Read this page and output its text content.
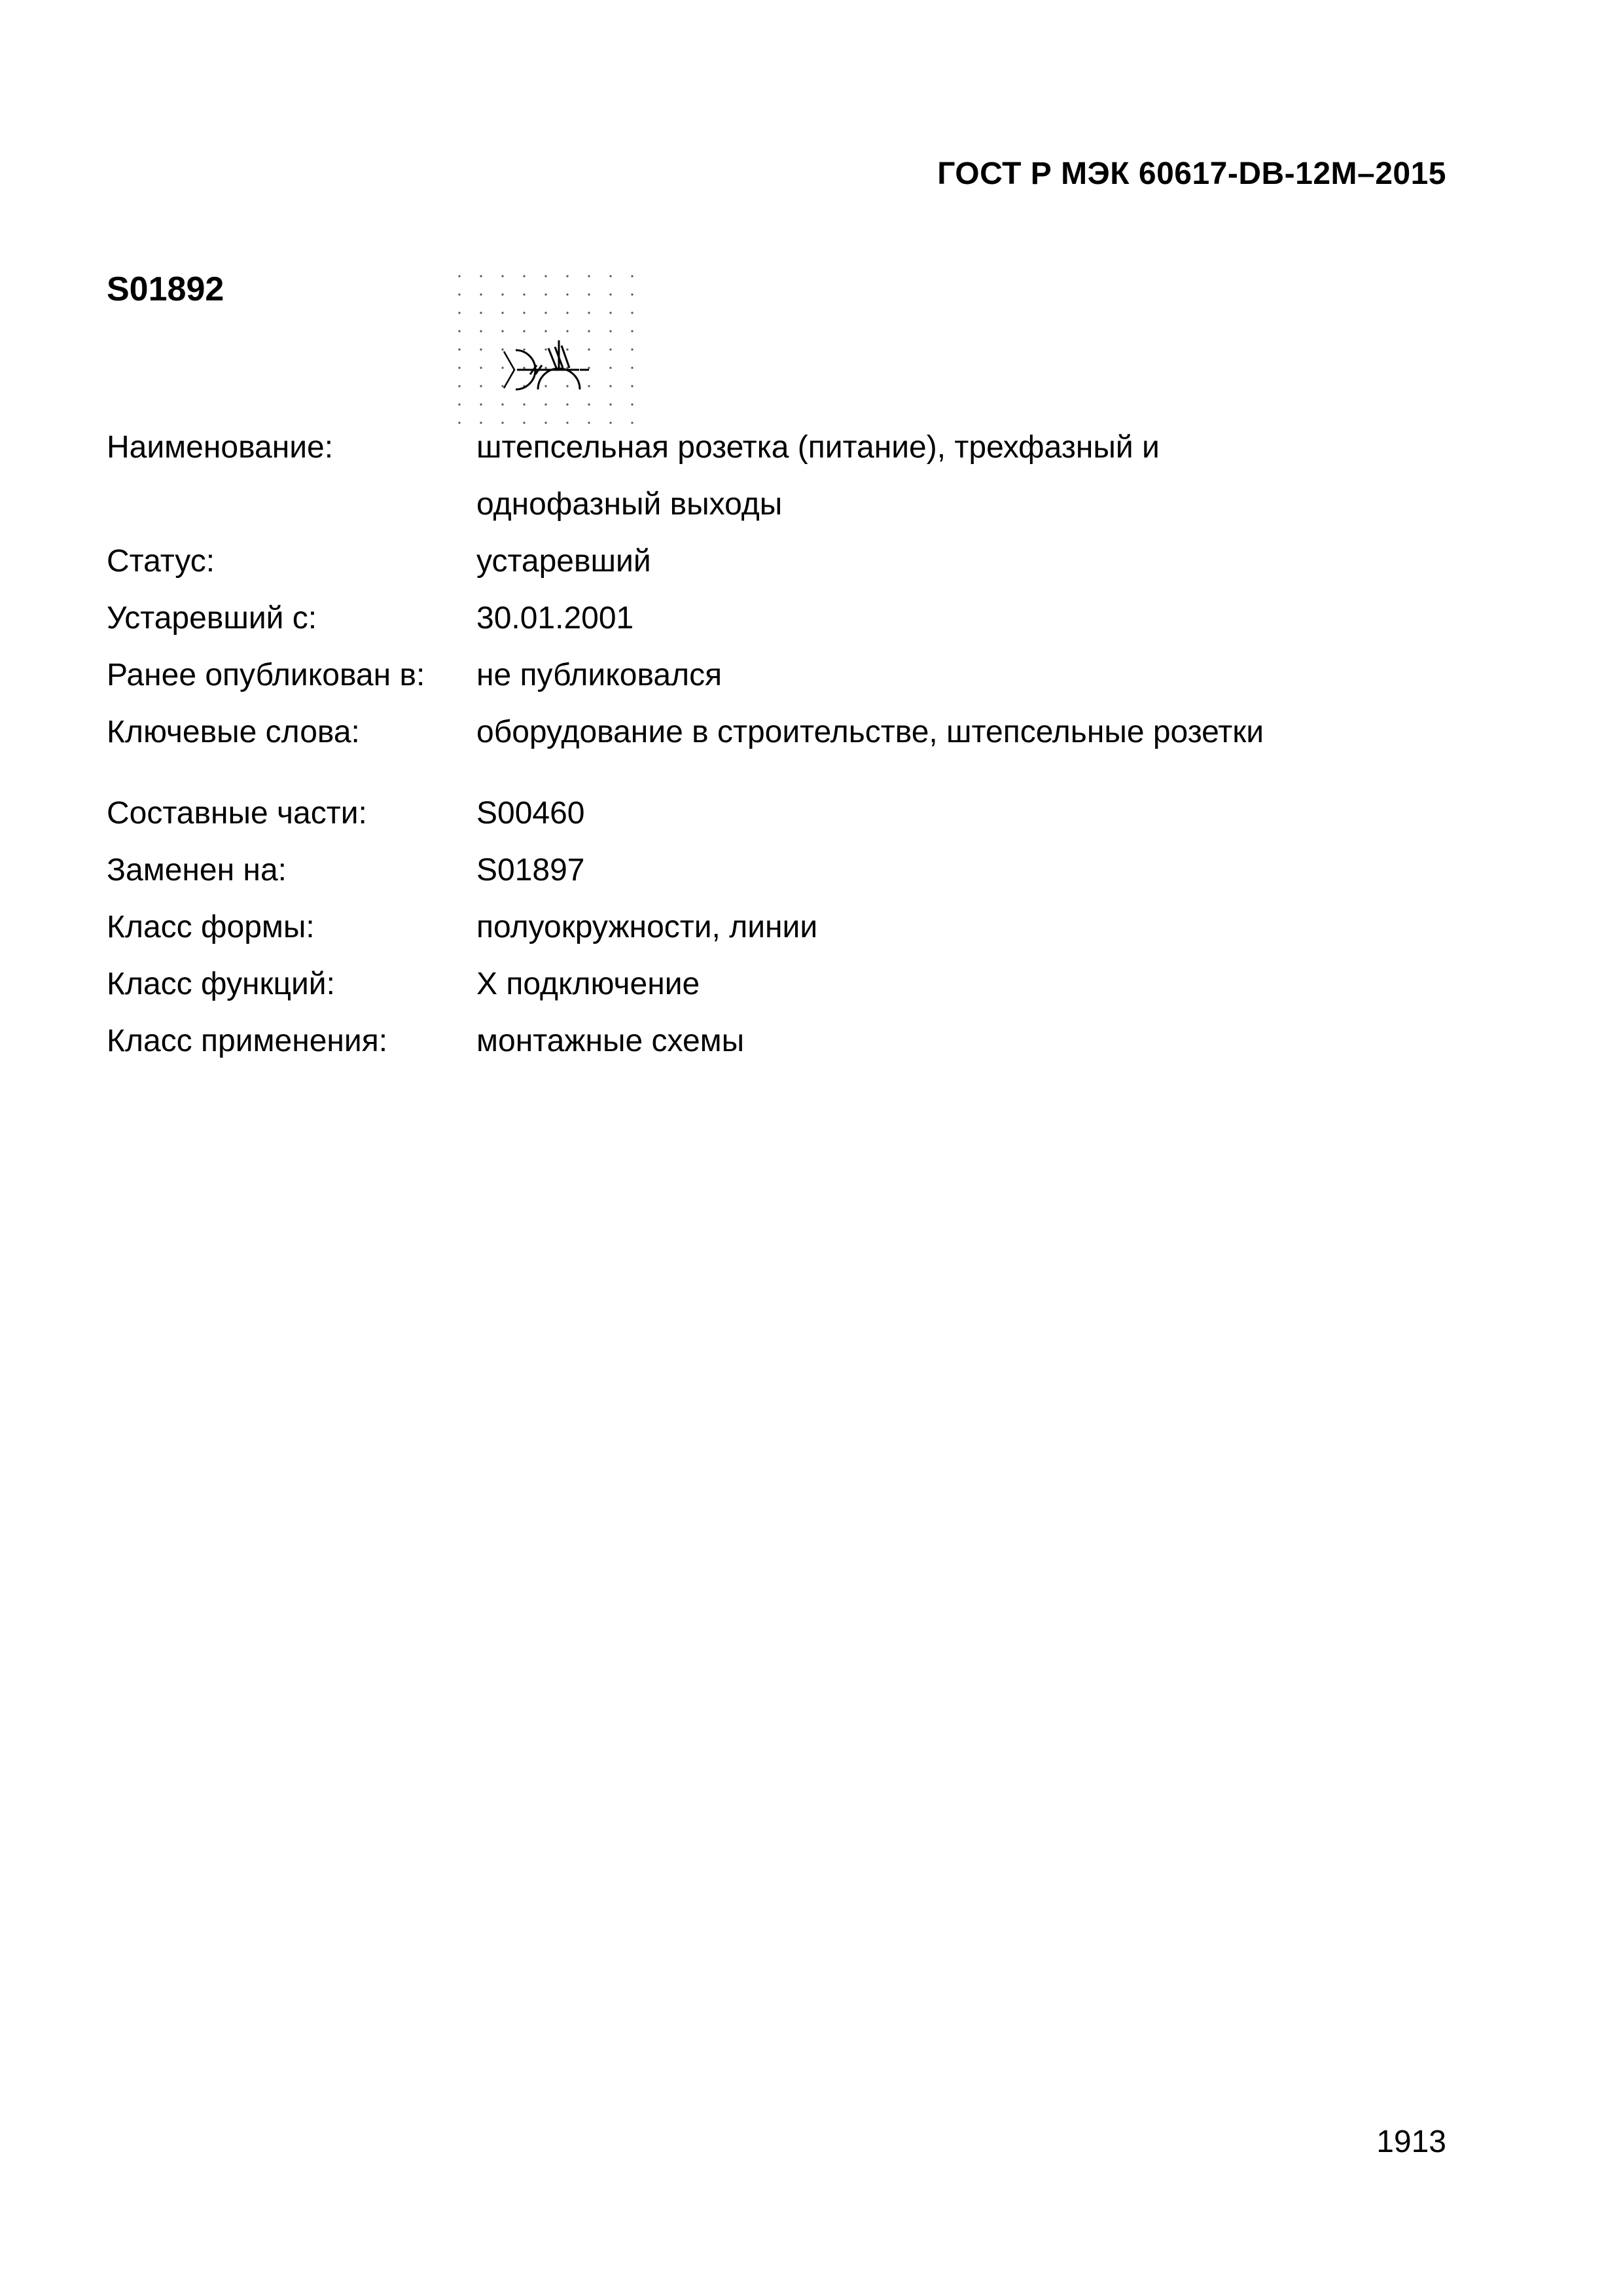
ГОСТ Р МЭК 60617-DB-12M–2015
S01892
Наименование:	штепсельная розетка (питание), трехфазный и
однофазный выходы
Статус:	устаревший
Устаревший с:	30.01.2001
Ранее опубликован в:	не публиковался
Ключевые слова:	оборудование в строительстве, штепсельные розетки
Составные части:	S00460
Заменен на:	S01897
Класс формы:	полуокружности, линии
Класс функций:	X подключение
Класс применения:	монтажные схемы
1913
